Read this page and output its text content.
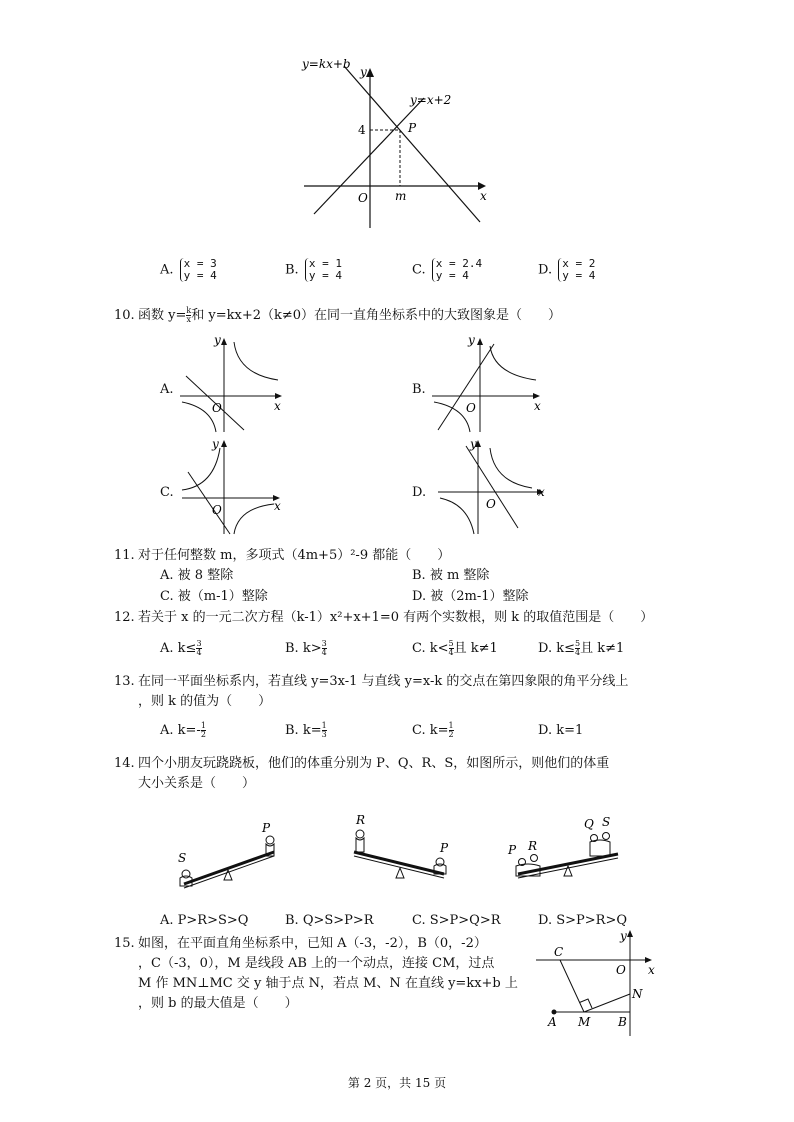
y=kx+b
y
y=x+2
4	P
O m	x
A. x = 3
y = 4	B. x = 1
y = 4	C. x = 2.4
y = 4	D. x = 2
y = 4
10. 函数 $y= \frac{k}{x}$ 和 y=kx+2（k≠0）在同一直角坐标系中的大致图象是（　　）
A.
y
O	x
B.
y
O	x
C.
y
O	x
D.
y
O
x
11. 对于任何整数 m，多项式（4m+5）²-9 都能（　　）
A. 被 8 整除	B. 被 m 整除
C. 被（m-1）整除	D. 被（2m-1）整除
12. 若关于 x 的一元二次方程（k-1）x²+x+1=0 有两个实数根，则 k 的取值范围是（　　）
A. $k\le \frac{3}{4}$	B. $k> \frac{3}{4}$	C. $k< \frac{5}{4}$ 且 k≠1	D. $k\le \frac{5}{4}$ 且 k≠1
13. 在同一平面坐标系内，若直线 y=3x-1 与直线 y=x-k 的交点在第四象限的角平分线上
，则 k 的值为（　　）
A. $k=- \frac{1}{2}$	B. $k= \frac{1}{3}$	C. $k= \frac{1}{2}$	D. k=1
14. 四个小朋友玩跷跷板，他们的体重分别为 P、Q、R、S，如图所示，则他们的体重
大小关系是（　　）
S
P
R
P	P R
Q S
A. P>R>S>Q	B. Q>S>P>R	C. S>P>Q>R	D. S>P>R>Q
15. 如图，在平面直角坐标系中，已知 A（-3，-2），B（0，-2）
，C（-3，0），M 是线段 AB 上的一个动点，连接 CM，过点
M 作 MN⊥MC 交 y 轴于点 N，若点 M、N 在直线 y=kx+b 上
，则 b 的最大值是（　　）
C
y
O x
N
A M B
第 2 页，共 15 页
